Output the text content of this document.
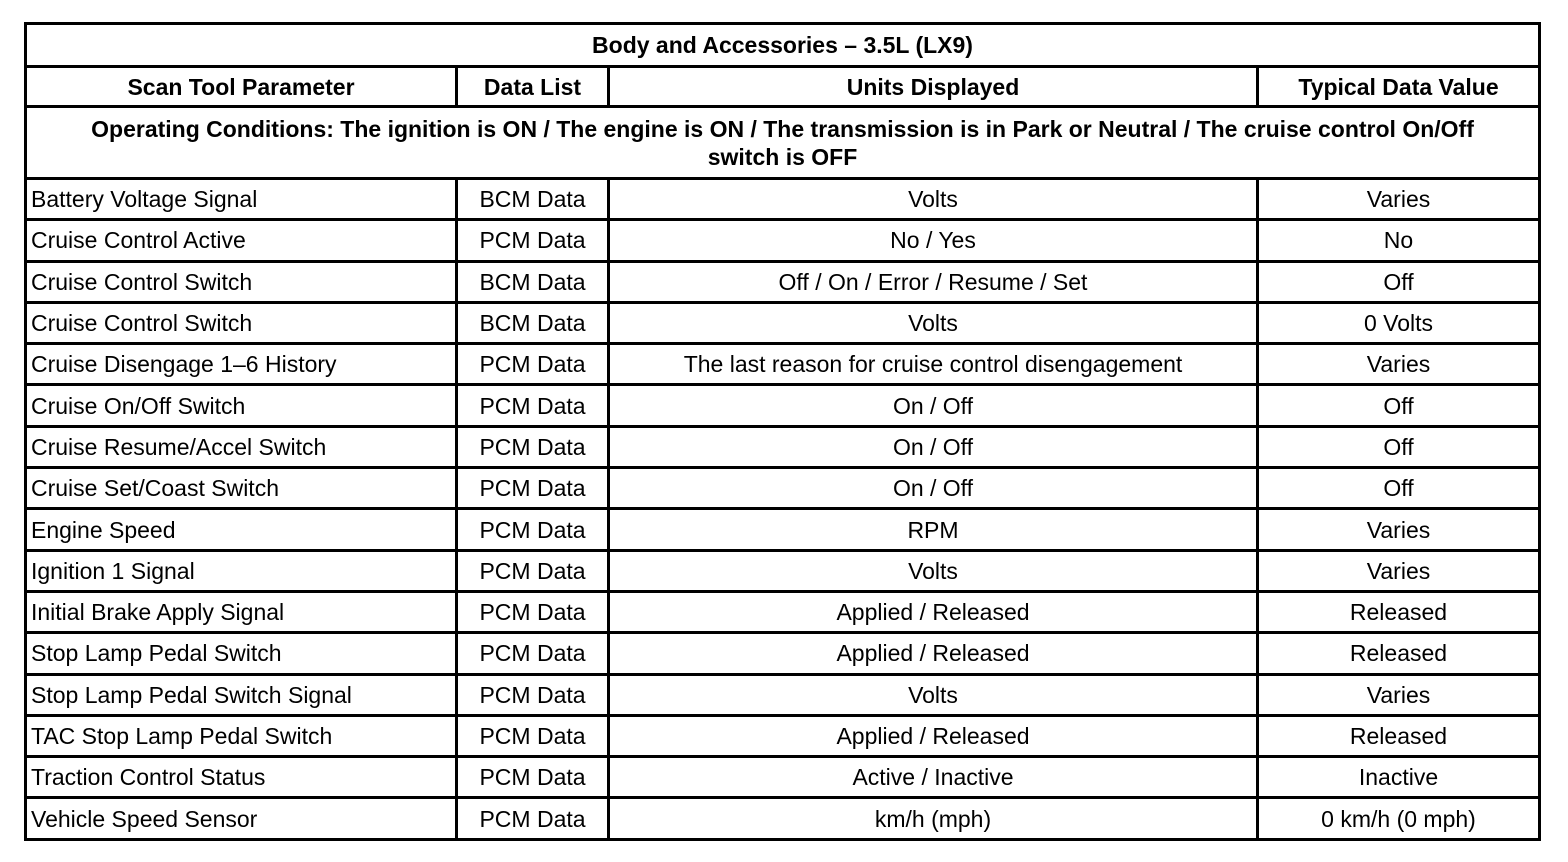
Body and Accessories – 3.5L (LX9)			
Scan Tool Parameter	Data List	Units Displayed	Typical Data Value
Operating Conditions: The ignition is ON / The engine is ON / The transmission is in Park or Neutral / The cruise control On/Off switch is OFF			
Battery Voltage Signal	BCM Data	Volts	Varies
Cruise Control Active	PCM Data	No / Yes	No
Cruise Control Switch	BCM Data	Off / On / Error / Resume / Set	Off
Cruise Control Switch	BCM Data	Volts	0 Volts
Cruise Disengage 1–6 History	PCM Data	The last reason for cruise control disengagement	Varies
Cruise On/Off Switch	PCM Data	On / Off	Off
Cruise Resume/Accel Switch	PCM Data	On / Off	Off
Cruise Set/Coast Switch	PCM Data	On / Off	Off
Engine Speed	PCM Data	RPM	Varies
Ignition 1 Signal	PCM Data	Volts	Varies
Initial Brake Apply Signal	PCM Data	Applied / Released	Released
Stop Lamp Pedal Switch	PCM Data	Applied / Released	Released
Stop Lamp Pedal Switch Signal	PCM Data	Volts	Varies
TAC Stop Lamp Pedal Switch	PCM Data	Applied / Released	Released
Traction Control Status	PCM Data	Active / Inactive	Inactive
Vehicle Speed Sensor	PCM Data	km/h (mph)	0 km/h (0 mph)
